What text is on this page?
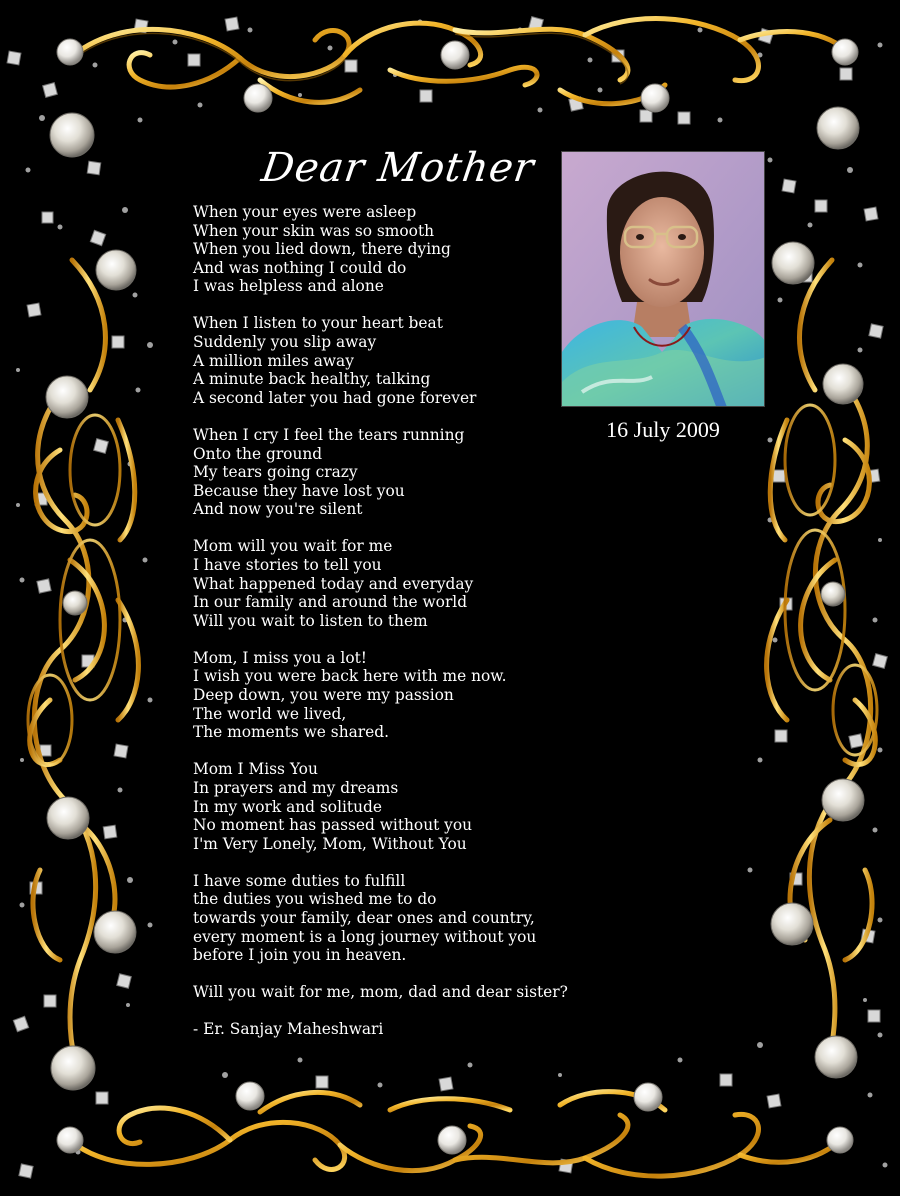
Dear Mother
When your eyes were asleep
When your skin was so smooth
When you lied down, there dying
And was nothing I could do
I was helpless and alone
When I listen to your heart beat
Suddenly you slip away
A million miles away
A minute back healthy, talking
A second later you had gone forever
When I cry I feel the tears running
Onto the ground
My tears going crazy
Because they have lost you
And now you're silent
Mom will you wait for me
I have stories to tell you
What happened today and everyday
In our family and around the world
Will you wait to listen to them
Mom, I miss you a lot!
I wish you were back here with me now.
Deep down, you were my passion
The world we lived,
The moments we shared.
Mom I Miss You
In prayers and my dreams
In my work and solitude
No moment has passed without you
I'm Very Lonely, Mom, Without You
I have some duties to fulfill
the duties you wished me to do
towards your family, dear ones and country,
every moment is a long journey without you
before I join you in heaven.
Will you wait for me, mom, dad and dear sister?
- Er. Sanjay Maheshwari
16 July 2009
